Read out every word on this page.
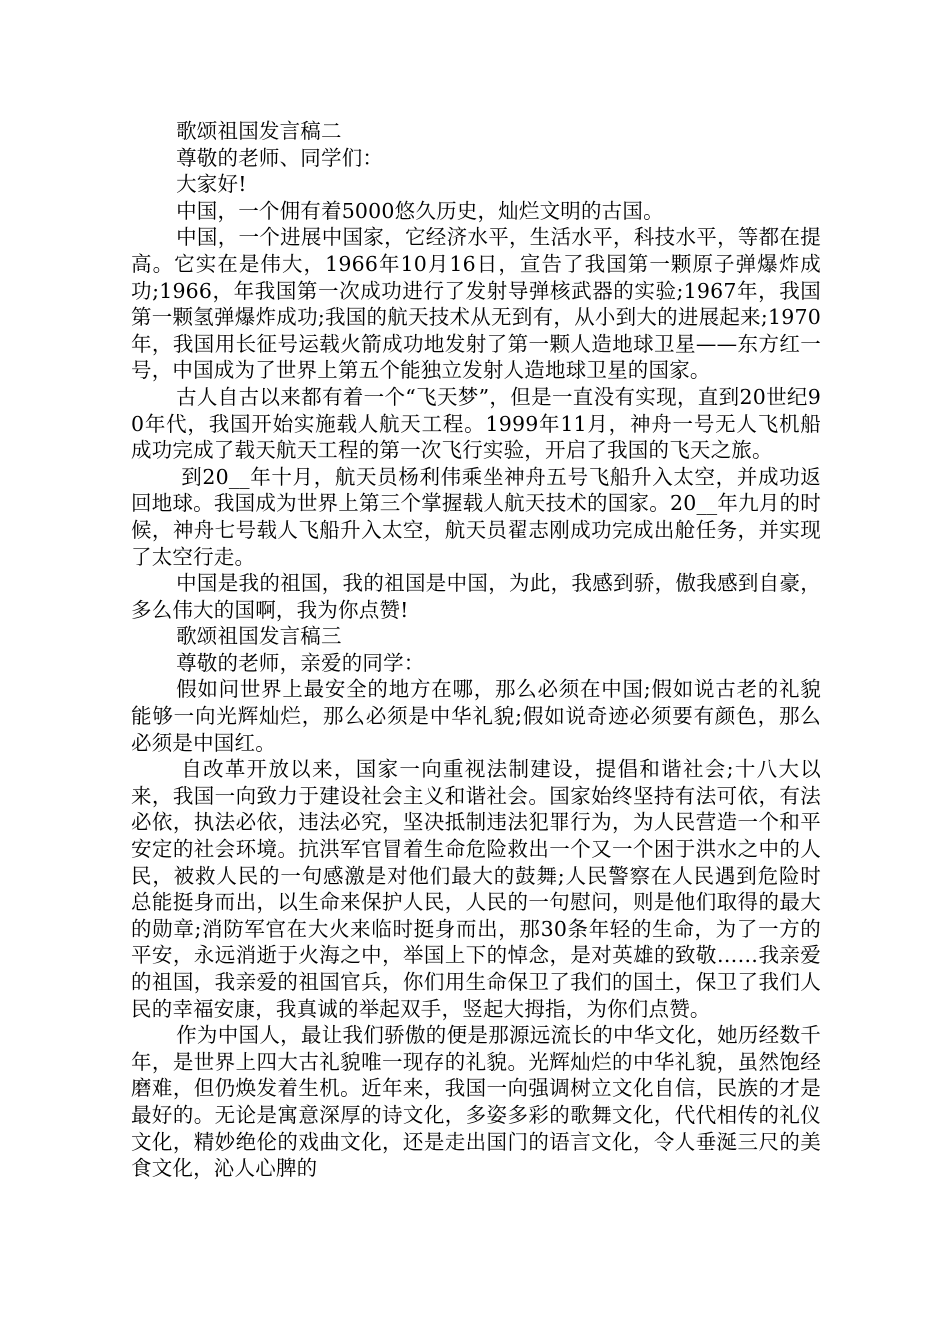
歌颂祖国发言稿二

尊敬的老师、同学们：

大家好!

中国，一个佣有着5000悠久历史，灿烂文明的古国。

中国，一个进展中国家，它经济水平，生活水平，科技水平，等都在提高。它实在是伟大，1966年10月16日，宣告了我国第一颗原子弹爆炸成功;1966，年我国第一次成功进行了发射导弹核武器的实验;1967年，我国第一颗氢弹爆炸成功;我国的航天技术从无到有，从小到大的进展起来;1970年，我国用长征号运载火箭成功地发射了第一颗人造地球卫星——东方红一号，中国成为了世界上第五个能独立发射人造地球卫星的国家。

古人自古以来都有着一个“飞天梦”，但是一直没有实现，直到20世纪90年代，我国开始实施载人航天工程。1999年11月，神舟一号无人飞机船成功完成了载天航天工程的第一次飞行实验，开启了我国的飞天之旅。

到20__年十月，航天员杨利伟乘坐神舟五号飞船升入太空，并成功返回地球。我国成为世界上第三个掌握载人航天技术的国家。20__年九月的时候，神舟七号载人飞船升入太空，航天员翟志刚成功完成出舱任务，并实现了太空行走。

中国是我的祖国，我的祖国是中国，为此，我感到骄，傲我感到自豪，多么伟大的国啊，我为你点赞!

歌颂祖国发言稿三

尊敬的老师，亲爱的同学：

假如问世界上最安全的地方在哪，那么必须在中国;假如说古老的礼貌能够一向光辉灿烂，那么必须是中华礼貌;假如说奇迹必须要有颜色，那么必须是中国红。

自改革开放以来，国家一向重视法制建设，提倡和谐社会;十八大以来，我国一向致力于建设社会主义和谐社会。国家始终坚持有法可依，有法必依，执法必依，违法必究，坚决抵制违法犯罪行为，为人民营造一个和平安定的社会环境。抗洪军官冒着生命危险救出一个又一个困于洪水之中的人民，被救人民的一句感激是对他们最大的鼓舞;人民警察在人民遇到危险时总能挺身而出，以生命来保护人民，人民的一句慰问，则是他们取得的最大的勋章;消防军官在大火来临时挺身而出，那30条年轻的生命，为了一方的平安，永远消逝于火海之中，举国上下的悼念，是对英雄的致敬……我亲爱的祖国，我亲爱的祖国官兵，你们用生命保卫了我们的国土，保卫了我们人民的幸福安康，我真诚的举起双手，竖起大拇指，为你们点赞。

作为中国人，最让我们骄傲的便是那源远流长的中华文化，她历经数千年，是世界上四大古礼貌唯一现存的礼貌。光辉灿烂的中华礼貌，虽然饱经磨难，但仍焕发着生机。近年来，我国一向强调树立文化自信，民族的才是最好的。无论是寓意深厚的诗文化，多姿多彩的歌舞文化，代代相传的礼仪文化，精妙绝伦的戏曲文化，还是走出国门的语言文化，令人垂涎三尺的美食文化，沁人心脾的
